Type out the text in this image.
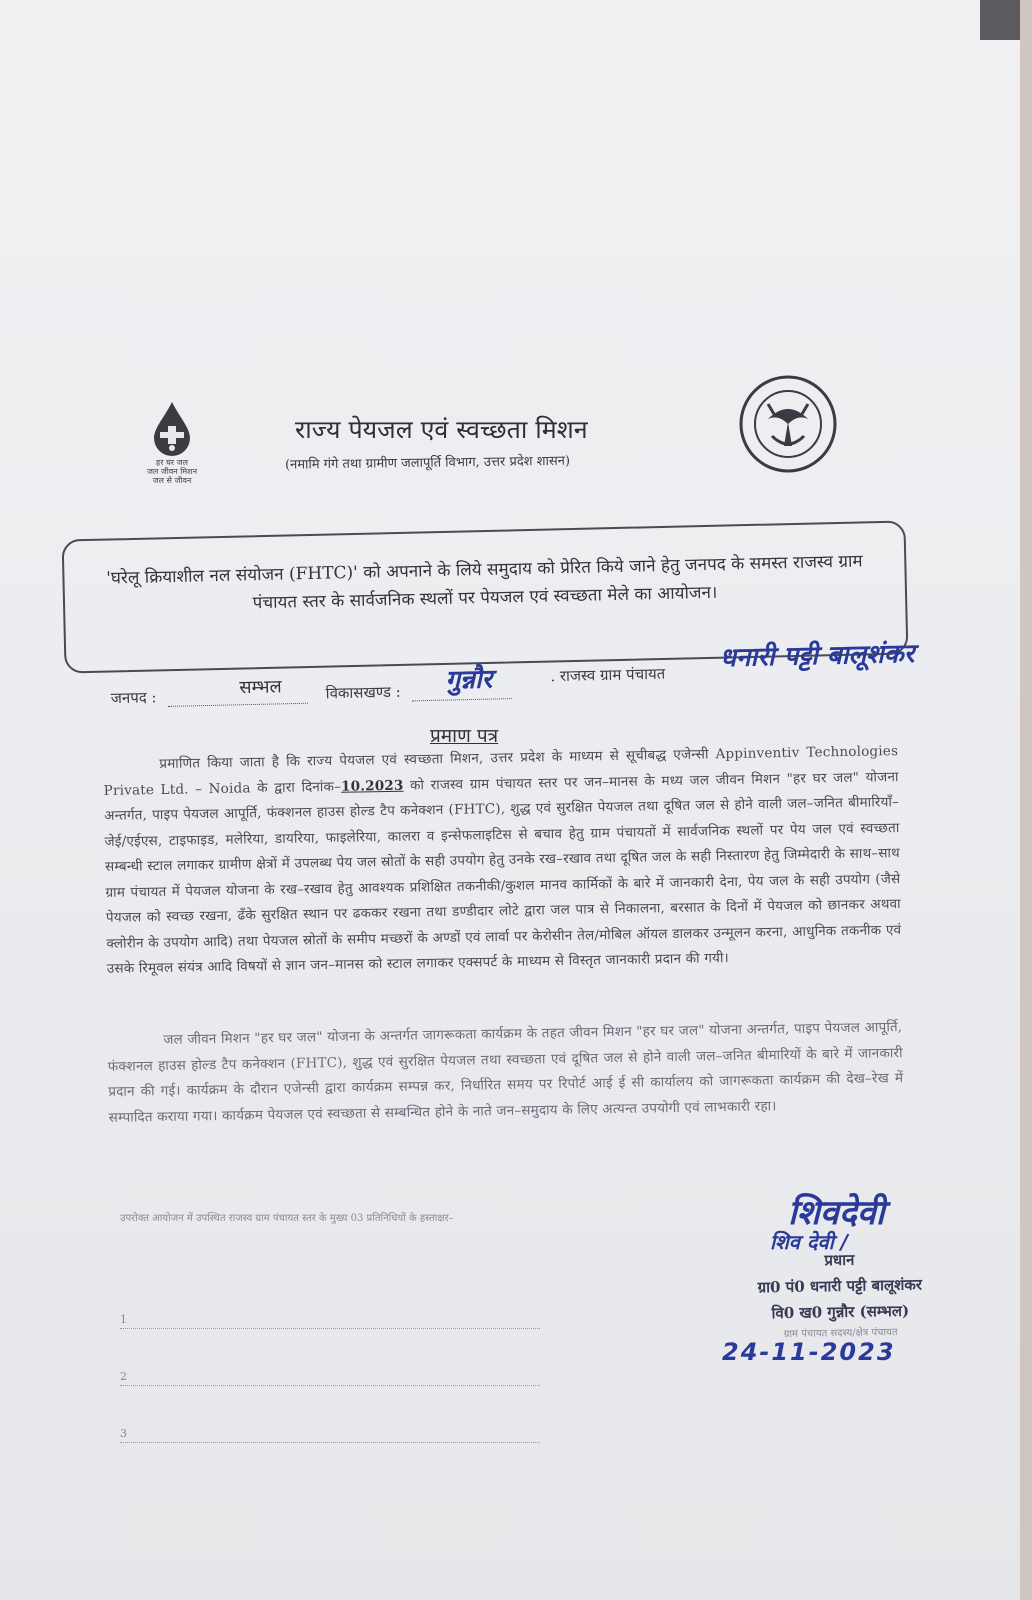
हर घर जल
जल जीवन मिशन
जल से जीवन
राज्य पेयजल एवं स्वच्छता मिशन
(नमामि गंगे तथा ग्रामीण जलापूर्ति विभाग, उत्तर प्रदेश शासन)

'घरेलू क्रियाशील नल संयोजन (FHTC)' को अपनाने के लिये समुदाय को प्रेरित किये जाने हेतु जनपद के समस्त राजस्व ग्राम पंचायत स्तर के सार्वजनिक स्थलों पर पेयजल एवं स्वच्छता मेले का आयोजन।

जनपद :	सम्भल	विकासखण्ड : गुन्नौर	. राजस्व ग्राम पंचायत
धनारी पट्टी बालूशंकर
प्रमाण पत्र
प्रमाणित किया जाता है कि राज्य पेयजल एवं स्वच्छता मिशन, उत्तर प्रदेश के माध्यम से सूचीबद्ध एजेन्सी Appinventiv Technologies Private Ltd. – Noida के द्वारा दिनांक–10.2023 को राजस्व ग्राम पंचायत स्तर पर जन–मानस के मध्य जल जीवन मिशन "हर घर जल" योजना अन्तर्गत, पाइप पेयजल आपूर्ति, फंक्शनल हाउस होल्ड टैप कनेक्शन (FHTC), शुद्ध एवं सुरक्षित पेयजल तथा दूषित जल से होने वाली जल–जनित बीमारियाँ–जेई/एईएस, टाइफाइड, मलेरिया, डायरिया, फाइलेरिया, कालरा व इन्सेफलाइटिस से बचाव हेतु ग्राम पंचायतों में सार्वजनिक स्थलों पर पेय जल एवं स्वच्छता सम्बन्धी स्टाल लगाकर ग्रामीण क्षेत्रों में उपलब्ध पेय जल स्रोतों के सही उपयोग हेतु उनके रख–रखाव तथा दूषित जल के सही निस्तारण हेतु जिम्मेदारी के साथ–साथ ग्राम पंचायत में पेयजल योजना के रख–रखाव हेतु आवश्यक प्रशिक्षित तकनीकी/कुशल मानव कार्मिकों के बारे में जानकारी देना, पेय जल के सही उपयोग (जैसे पेयजल को स्वच्छ रखना, ढँके सुरक्षित स्थान पर ढककर रखना तथा डण्डीदार लोटे द्वारा जल पात्र से निकालना, बरसात के दिनों में पेयजल को छानकर अथवा क्लोरीन के उपयोग आदि) तथा पेयजल स्रोतों के समीप मच्छरों के अण्डों एवं लार्वा पर केरोसीन तेल/मोबिल ऑयल डालकर उन्मूलन करना, आधुनिक तकनीक एवं उसके रिमूवल संयंत्र आदि विषयों से ज्ञान जन–मानस को स्टाल लगाकर एक्सपर्ट के माध्यम से विस्तृत जानकारी प्रदान की गयी।
जल जीवन मिशन "हर घर जल" योजना के अन्तर्गत जागरूकता कार्यक्रम के तहत जीवन मिशन "हर घर जल" योजना अन्तर्गत, पाइप पेयजल आपूर्ति, फंक्शनल हाउस होल्ड टैप कनेक्शन (FHTC), शुद्ध एवं सुरक्षित पेयजल तथा स्वच्छता एवं दूषित जल से होने वाली जल–जनित बीमारियों के बारे में जानकारी प्रदान की गई। कार्यक्रम के दौरान एजेन्सी द्वारा कार्यक्रम सम्पन्न कर, निर्धारित समय पर रिपोर्ट आई ई सी कार्यालय को जागरूकता कार्यक्रम की देख–रेख में सम्पादित कराया गया। कार्यक्रम पेयजल एवं स्वच्छता से सम्बन्धित होने के नाते जन–समुदाय के लिए अत्यन्त उपयोगी एवं लाभकारी रहा।
उपरोक्त आयोजन में उपस्थित राजस्व ग्राम पंचायत स्तर के मुख्य 03 प्रतिनिधियों के हस्ताक्षर–
1
2
3
शिवदेवी
शिव देवी /
प्रधान
ग्रा0 पं0 धनारी पट्टी बालूशंकर
वि0 ख0 गुन्नौर (सम्भल)
ग्राम पंचायत सदस्य/क्षेत्र पंचायत
24-11-2023
